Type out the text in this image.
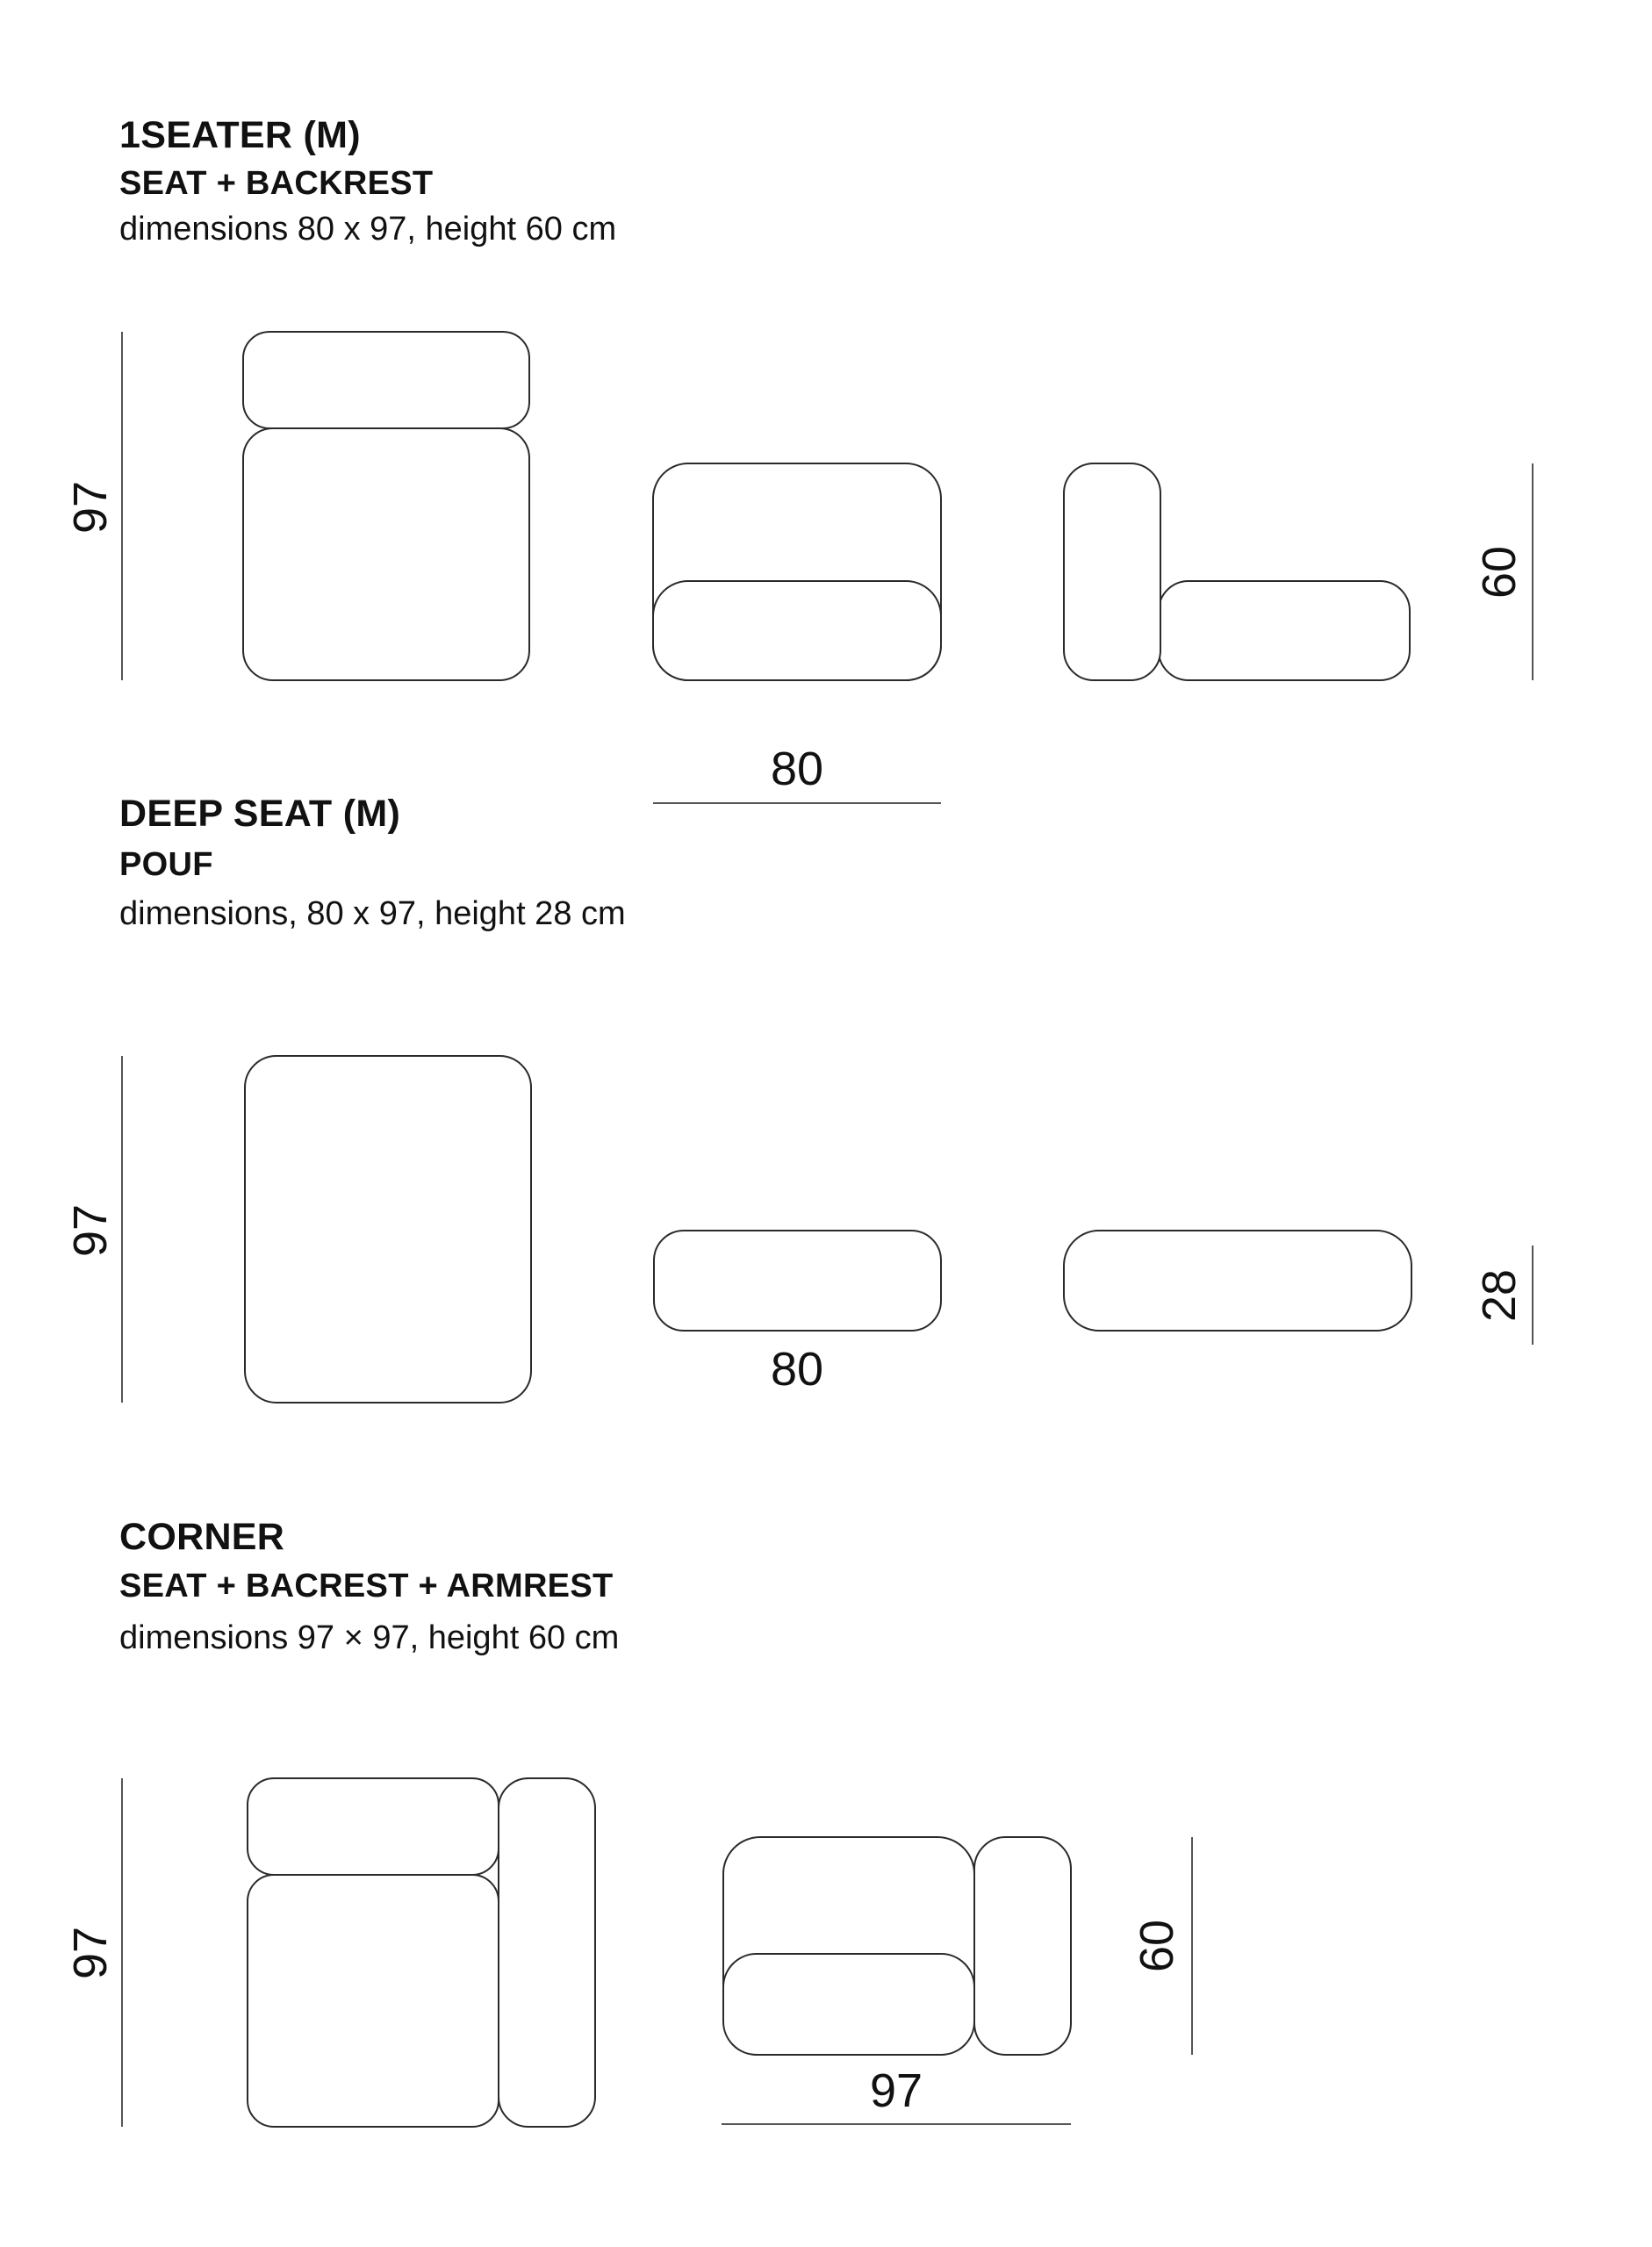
1SEATER (M)
SEAT + BACKREST

dimensions 80 x 97, height 60 cm

DEEP SEAT (M)
POUF

dimensions, 80 x 97, height 28 cm

CORNER
SEAT + BACREST + ARMREST

dimensions 97 × 97, height 60 cm

97
80
60
97
80
28
97
97
60
